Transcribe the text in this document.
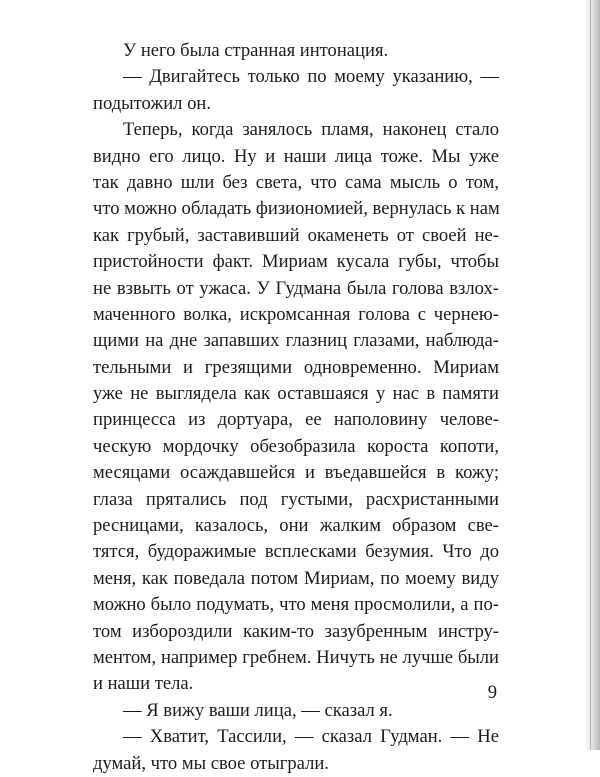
У него была странная интонация.
— Двигайтесь только по моему указанию, —
подытожил он.
Теперь, когда занялось пламя, наконец стало
видно его лицо. Ну и наши лица тоже. Мы уже
так давно шли без света, что сама мысль о том,
что можно обладать физиономией, вернулась к нам
как грубый, заставивший окаменеть от своей не-
пристойности факт. Мириам кусала губы, чтобы
не взвыть от ужаса. У Гудмана была голова взлох-
маченного волка, искромсанная голова с чернею-
щими на дне запавших глазниц глазами, наблюда-
тельными и грезящими одновременно. Мириам
уже не выглядела как оставшаяся у нас в памяти
принцесса из дортуара, ее наполовину челове-
ческую мордочку обезобразила короста копоти,
месяцами осаждавшейся и въедавшейся в кожу;
глаза прятались под густыми, расхристанными
ресницами, казалось, они жалким образом све-
тятся, будоражимые всплесками безумия. Что до
меня, как поведала потом Мириам, по моему виду
можно было подумать, что меня просмолили, а по-
том избороздили каким-то зазубренным инстру-
ментом, например гребнем. Ничуть не лучше были
и наши тела.
— Я вижу ваши лица, — сказал я.
— Хватит, Тассили, — сказал Гудман. — Не
думай, что мы свое отыграли.
9
